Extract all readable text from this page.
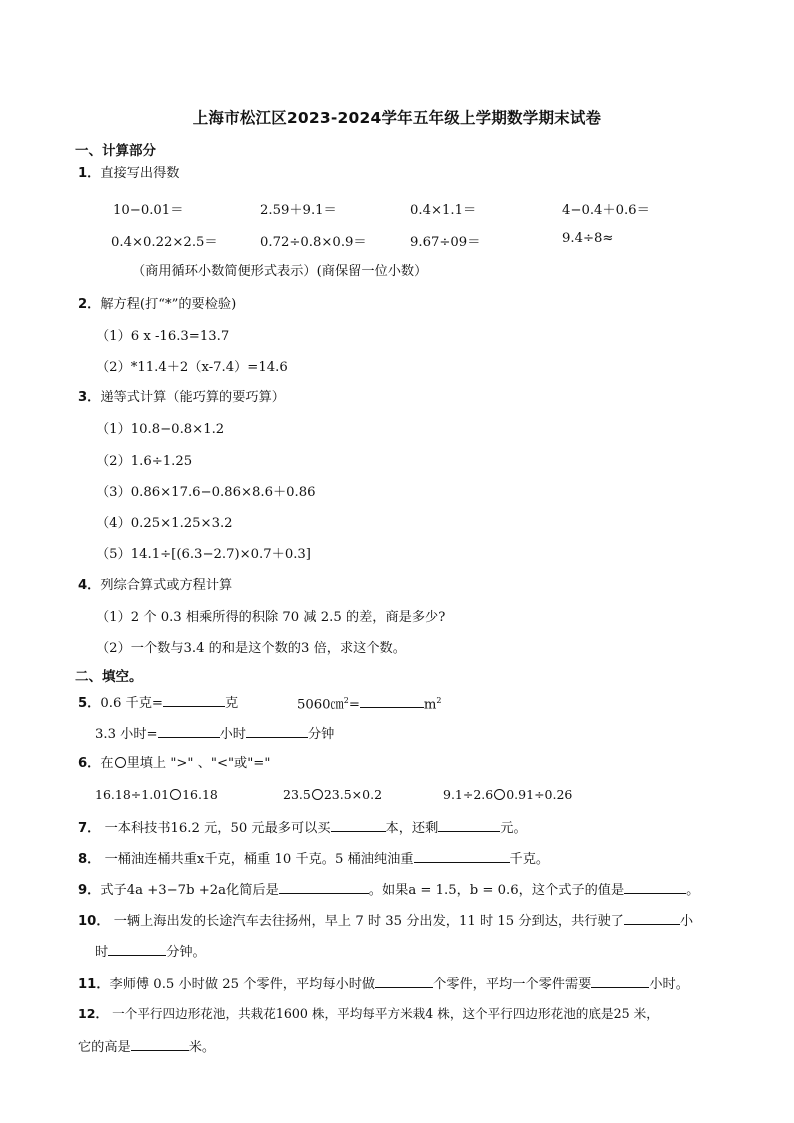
上海市松江区2023-2024学年五年级上学期数学期末试卷
一、计算部分
1．直接写出得数
10−0.01＝	2.59＋9.1＝	0.4×1.1＝	4−0.4＋0.6＝
0.4×0.22×2.5＝	0.72÷0.8×0.9＝	9.67÷09＝	9.4÷8≈
（商用循环小数简便形式表示）(商保留一位小数）
2．解方程(打“*”的要检验)
（1）6 x -16.3=13.7
（2）*11.4＋2（x-7.4）=14.6
3．递等式计算（能巧算的要巧算）
（1）10.8−0.8×1.2
（2）1.6÷1.25
（3）0.86×17.6−0.86×8.6＋0.86
（4）0.25×1.25×3.2
（5）14.1÷[(6.3−2.7)×0.7＋0.3]
4．列综合算式或方程计算
（1）2 个 0.3 相乘所得的积除 70 减 2.5 的差，商是多少?
（2）一个数与3.4 的和是这个数的3 倍，求这个数。
二、填空。
5．0.6 千克=	克	5060㎝$^2$=	$m^2$
3.3 小时=	小时	分钟
6．在 里填上 ">" 、"<"或"="
16.18÷1.01 16.18	23.5 23.5×0.2	9.1÷2.6 0.91÷0.26
7． 一本科技书16.2 元，50 元最多可以买	本，还剩	元。
8． 一桶油连桶共重x千克，桶重 10 千克。5 桶油纯油重	千克。
9．式子4a +3−7b +2a化简后是	。如果a = 1.5，b = 0.6，这个式子的值是	。
10． 一辆上海出发的长途汽车去往扬州，早上 7 时 35 分出发，11 时 15 分到达，共行驶了	小
时	分钟。
11．李师傅 0.5 小时做 25 个零件，平均每小时做	个零件，平均一个零件需要	小时。
12． 一个平行四边形花池，共栽花1600 株，平均每平方米栽4 株，这个平行四边形花池的底是25 米，
它的高是	米。
